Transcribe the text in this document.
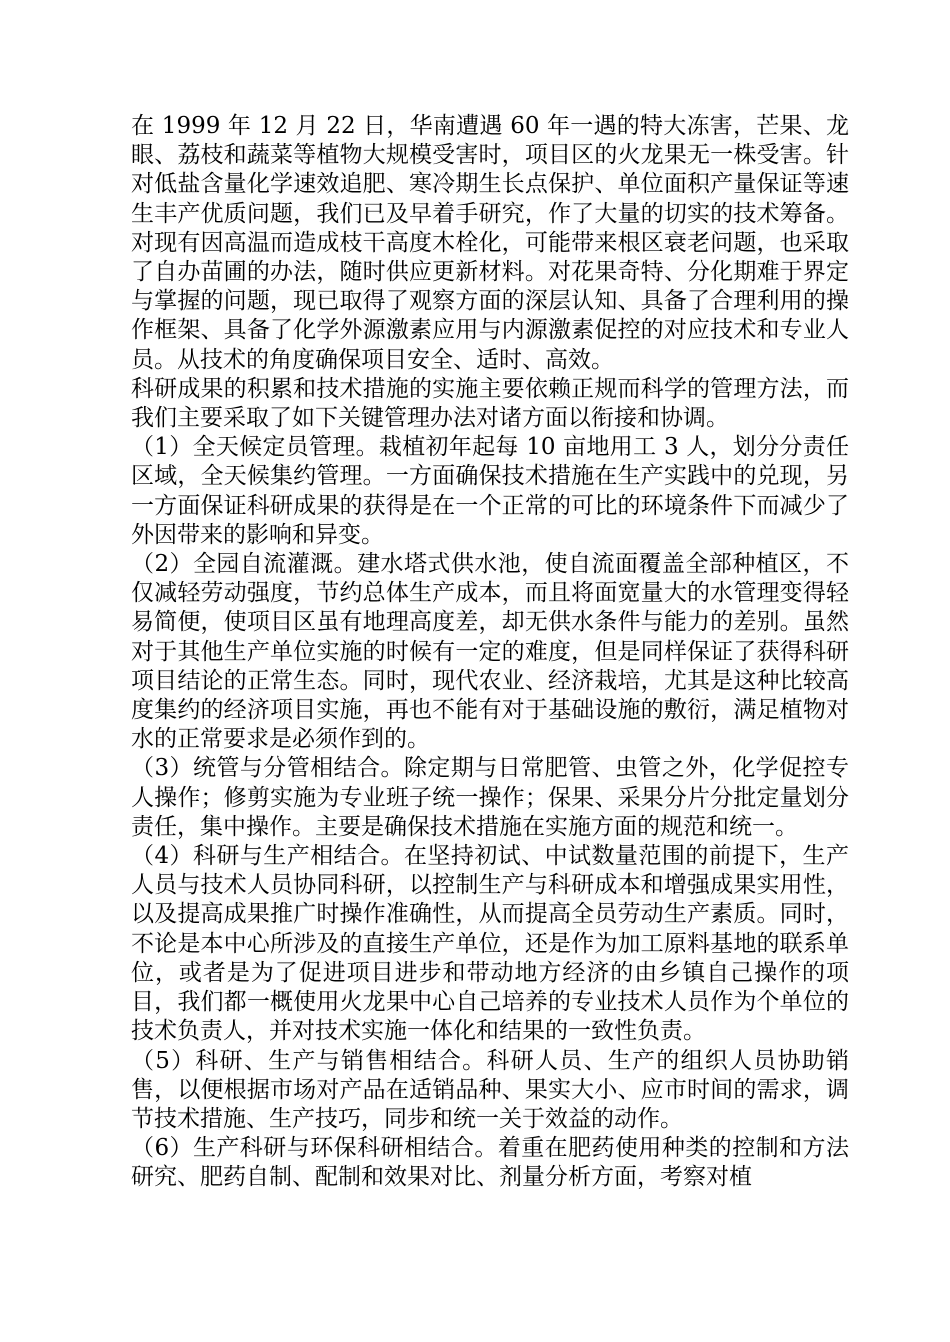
在 1999 年 12 月 22 日，华南遭遇 60 年一遇的特大冻害，芒果、龙眼、荔枝和蔬菜等植物大规模受害时，项目区的火龙果无一株受害。针对低盐含量化学速效追肥、寒冷期生长点保护、单位面积产量保证等速生丰产优质问题，我们已及早着手研究，作了大量的切实的技术筹备。对现有因高温而造成枝干高度木栓化，可能带来根区衰老问题，也采取了自办苗圃的办法，随时供应更新材料。对花果奇特、分化期难于界定与掌握的问题，现已取得了观察方面的深层认知、具备了合理利用的操作框架、具备了化学外源激素应用与内源激素促控的对应技术和专业人员。从技术的角度确保项目安全、适时、高效。

科研成果的积累和技术措施的实施主要依赖正规而科学的管理方法，而我们主要采取了如下关键管理办法对诸方面以衔接和协调。

（1）全天候定员管理。栽植初年起每 10 亩地用工 3 人，划分分责任区域，全天候集约管理。一方面确保技术措施在生产实践中的兑现，另一方面保证科研成果的获得是在一个正常的可比的环境条件下而减少了外因带来的影响和异变。

（2）全园自流灌溉。建水塔式供水池，使自流面覆盖全部种植区，不仅减轻劳动强度，节约总体生产成本，而且将面宽量大的水管理变得轻易简便，使项目区虽有地理高度差，却无供水条件与能力的差别。虽然对于其他生产单位实施的时候有一定的难度，但是同样保证了获得科研项目结论的正常生态。同时，现代农业、经济栽培，尤其是这种比较高度集约的经济项目实施，再也不能有对于基础设施的敷衍，满足植物对水的正常要求是必须作到的。

（3）统管与分管相结合。除定期与日常肥管、虫管之外，化学促控专人操作；修剪实施为专业班子统一操作；保果、采果分片分批定量划分责任，集中操作。主要是确保技术措施在实施方面的规范和统一。

（4）科研与生产相结合。在坚持初试、中试数量范围的前提下，生产人员与技术人员协同科研，以控制生产与科研成本和增强成果实用性，以及提高成果推广时操作准确性，从而提高全员劳动生产素质。同时，不论是本中心所涉及的直接生产单位，还是作为加工原料基地的联系单位，或者是为了促进项目进步和带动地方经济的由乡镇自己操作的项目，我们都一概使用火龙果中心自己培养的专业技术人员作为个单位的技术负责人，并对技术实施一体化和结果的一致性负责。

（5）科研、生产与销售相结合。科研人员、生产的组织人员协助销售，以便根据市场对产品在适销品种、果实大小、应市时间的需求，调节技术措施、生产技巧，同步和统一关于效益的动作。

（6）生产科研与环保科研相结合。着重在肥药使用种类的控制和方法研究、肥药自制、配制和效果对比、剂量分析方面，考察对植
